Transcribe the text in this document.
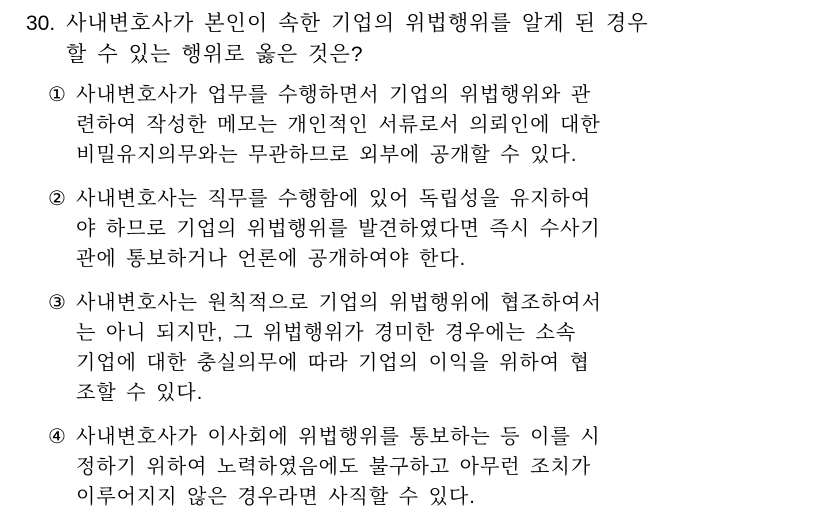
30. 사내변호사가 본인이 속한 기업의 위법행위를 알게 된 경우
할 수 있는 행위로 옳은 것은?
① 사내변호사가 업무를 수행하면서 기업의 위법행위와 관
련하여 작성한 메모는 개인적인 서류로서 의뢰인에 대한
비밀유지의무와는 무관하므로 외부에 공개할 수 있다.
② 사내변호사는 직무를 수행함에 있어 독립성을 유지하여
야 하므로 기업의 위법행위를 발견하였다면 즉시 수사기
관에 통보하거나 언론에 공개하여야 한다.
③ 사내변호사는 원칙적으로 기업의 위법행위에 협조하여서
는 아니 되지만, 그 위법행위가 경미한 경우에는 소속
기업에 대한 충실의무에 따라 기업의 이익을 위하여 협
조할 수 있다.
④ 사내변호사가 이사회에 위법행위를 통보하는 등 이를 시
정하기 위하여 노력하였음에도 불구하고 아무런 조치가
이루어지지 않은 경우라면 사직할 수 있다.
